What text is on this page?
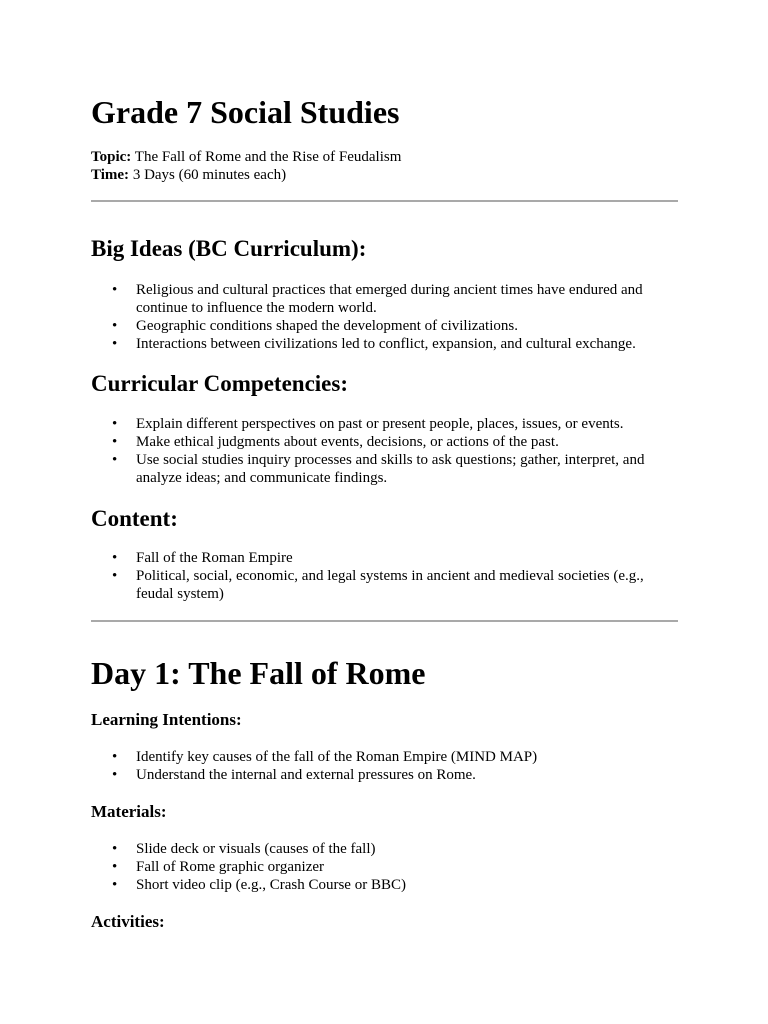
Grade 7 Social Studies
Topic: The Fall of Rome and the Rise of Feudalism
Time: 3 Days (60 minutes each)
Big Ideas (BC Curriculum):
• Religious and cultural practices that emerged during ancient times have endured and continue to influence the modern world.
• Geographic conditions shaped the development of civilizations.
• Interactions between civilizations led to conflict, expansion, and cultural exchange.
Curricular Competencies:
• Explain different perspectives on past or present people, places, issues, or events.
• Make ethical judgments about events, decisions, or actions of the past.
• Use social studies inquiry processes and skills to ask questions; gather, interpret, and analyze ideas; and communicate findings.
Content:
• Fall of the Roman Empire
• Political, social, economic, and legal systems in ancient and medieval societies (e.g., feudal system)
Day 1: The Fall of Rome
Learning Intentions:
• Identify key causes of the fall of the Roman Empire (MIND MAP)
• Understand the internal and external pressures on Rome.
Materials:
• Slide deck or visuals (causes of the fall)
• Fall of Rome graphic organizer
• Short video clip (e.g., Crash Course or BBC)
Activities:
